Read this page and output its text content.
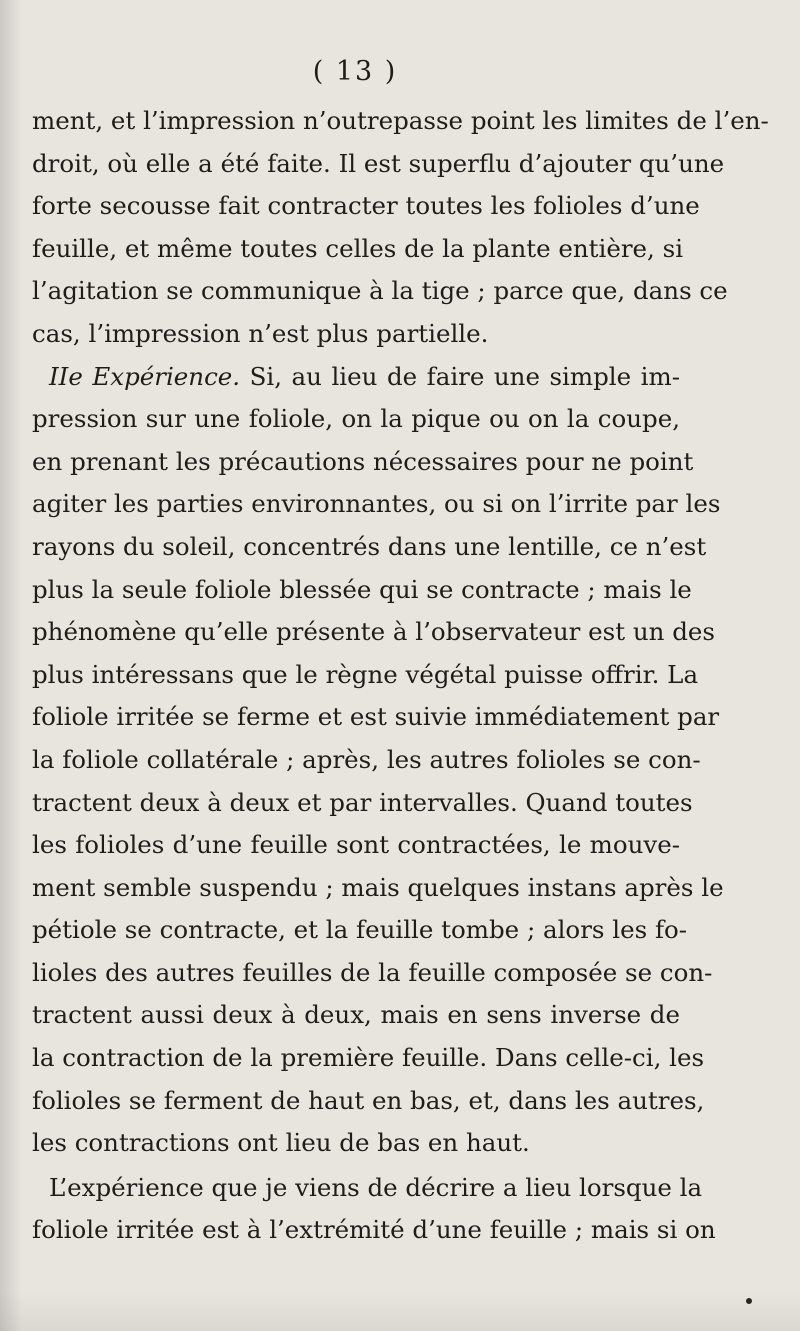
( 13 )
ment, et l’impression n’outrepasse point les limites de l’en-
droit, où elle a été faite. Il est superflu d’ajouter qu’une
forte secousse fait contracter toutes les folioles d’une
feuille, et même toutes celles de la plante entière, si
l’agitation se communique à la tige ; parce que, dans ce
cas, l’impression n’est plus partielle.
IIe Expérience. Si, au lieu de faire une simple im-
pression sur une foliole, on la pique ou on la coupe,
en prenant les précautions nécessaires pour ne point
agiter les parties environnantes, ou si on l’irrite par les
rayons du soleil, concentrés dans une lentille, ce n’est
plus la seule foliole blessée qui se contracte ; mais le
phénomène qu’elle présente à l’observateur est un des
plus intéressans que le règne végétal puisse offrir. La
foliole irritée se ferme et est suivie immédiatement par
la foliole collatérale ; après, les autres folioles se con-
tractent deux à deux et par intervalles. Quand toutes
les folioles d’une feuille sont contractées, le mouve-
ment semble suspendu ; mais quelques instans après le
pétiole se contracte, et la feuille tombe ; alors les fo-
lioles des autres feuilles de la feuille composée se con-
tractent aussi deux à deux, mais en sens inverse de
la contraction de la première feuille. Dans celle-ci, les
folioles se ferment de haut en bas, et, dans les autres,
les contractions ont lieu de bas en haut.
L’expérience que je viens de décrire a lieu lorsque la
foliole irritée est à l’extrémité d’une feuille ; mais si on
